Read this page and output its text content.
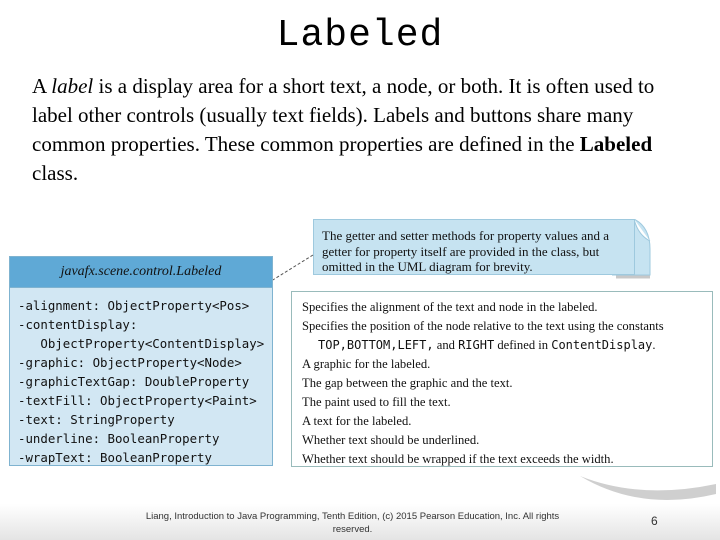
Labeled
A label is a display area for a short text, a node, or both. It is often used to label other controls (usually text fields). Labels and buttons share many common properties. These common properties are defined in the Labeled class.
The getter and setter methods for property values and a getter for property itself are provided in the class, but omitted in the UML diagram for brevity.
javafx.scene.control.Labeled
-alignment: ObjectProperty<Pos>
-contentDisplay:
ObjectProperty<ContentDisplay>
-graphic: ObjectProperty<Node>
-graphicTextGap: DoubleProperty
-textFill: ObjectProperty<Paint>
-text: StringProperty
-underline: BooleanProperty
-wrapText: BooleanProperty
Specifies the alignment of the text and node in the labeled.
Specifies the position of the node relative to the text using the constants
TOP,BOTTOM,LEFT, and RIGHT defined in ContentDisplay.
A graphic for the labeled.
The gap between the graphic and the text.
The paint used to fill the text.
A text for the labeled.
Whether text should be underlined.
Whether text should be wrapped if the text exceeds the width.
Liang, Introduction to Java Programming, Tenth Edition, (c) 2015 Pearson Education, Inc. All rights reserved.
6
